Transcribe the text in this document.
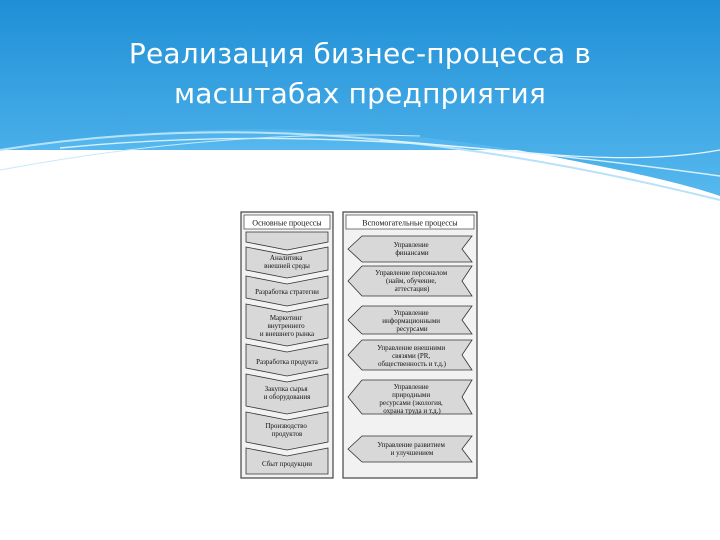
Реализация бизнес-процесса в
масштабах предприятия
Основные процессы	Вспомогательные процессы
Аналитика внешней среды
Разработка стратегии
Маркетинг внутреннего и внешнего рынка
Разработка продукта
Закупка сырья и оборудования
Производство продуктов
Сбыт продукции
Управление финансами
Управление персоналом (найм, обучение, аттестация)
Управление информационными ресурсами
Управление внешними связями (PR, общественность и т.д.)
Управление природными ресурсами (экология, охрана труда и т.д.)
Управление развитием и улучшением
